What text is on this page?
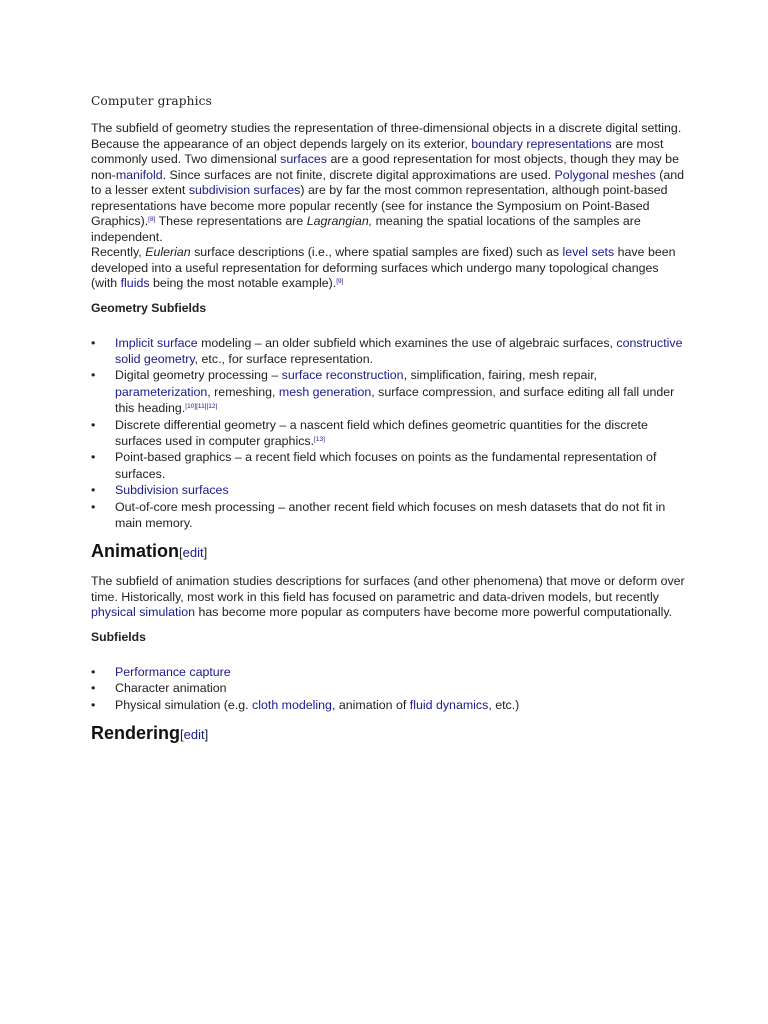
Computer graphics

The subfield of geometry studies the representation of three-dimensional objects in a discrete digital setting. Because the appearance of an object depends largely on its exterior, boundary representations are most commonly used. Two dimensional surfaces are a good representation for most objects, though they may be non-manifold. Since surfaces are not finite, discrete digital approximations are used. Polygonal meshes (and to a lesser extent subdivision surfaces) are by far the most common representation, although point-based representations have become more popular recently (see for instance the Symposium on Point-Based Graphics).[8] These representations are Lagrangian, meaning the spatial locations of the samples are independent.

Recently, Eulerian surface descriptions (i.e., where spatial samples are fixed) such as level sets have been developed into a useful representation for deforming surfaces which undergo many topological changes (with fluids being the most notable example).[9]

Geometry Subfields
• Implicit surface modeling – an older subfield which examines the use of algebraic surfaces, constructive solid geometry, etc., for surface representation.
• Digital geometry processing – surface reconstruction, simplification, fairing, mesh repair, parameterization, remeshing, mesh generation, surface compression, and surface editing all fall under this heading.[10][11][12]
• Discrete differential geometry – a nascent field which defines geometric quantities for the discrete surfaces used in computer graphics.[13]
• Point-based graphics – a recent field which focuses on points as the fundamental representation of surfaces.
• Subdivision surfaces
• Out-of-core mesh processing – another recent field which focuses on mesh datasets that do not fit in main memory.
Animation[edit]

The subfield of animation studies descriptions for surfaces (and other phenomena) that move or deform over time. Historically, most work in this field has focused on parametric and data-driven models, but recently physical simulation has become more popular as computers have become more powerful computationally.

Subfields
• Performance capture
• Character animation
• Physical simulation (e.g. cloth modeling, animation of fluid dynamics, etc.)
Rendering[edit]
